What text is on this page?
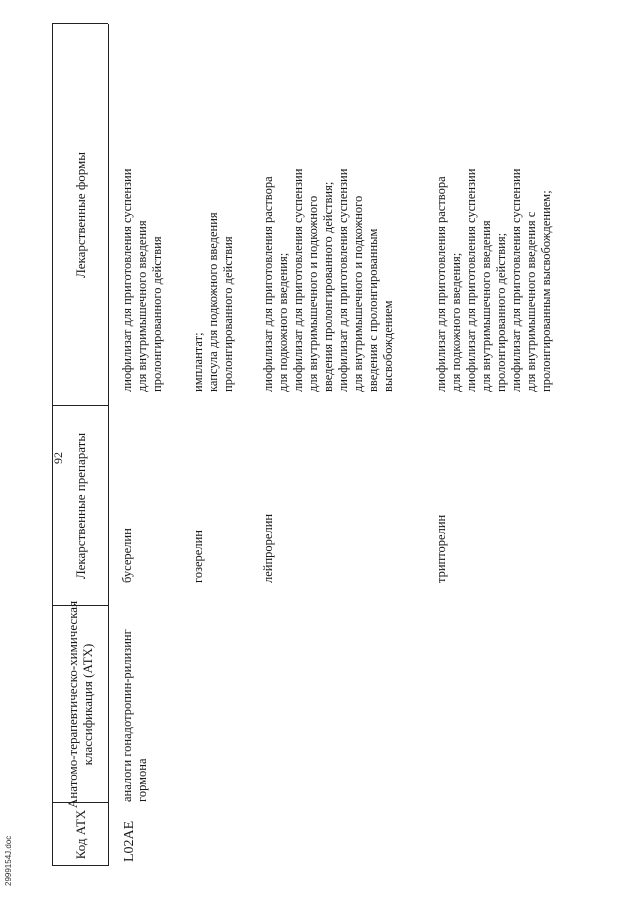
92
Код АТХ
Анатомо-терапевтическо-химическая
классификация (АТХ)
Лекарственные препараты
Лекарственные формы
L02AE
аналоги гонадотропин-рилизинг
гормона
бусерелин
лиофилизат для приготовления суспензии
для внутримышечного введения
пролонгированного действия
гозерелин
имплантат;
капсула для подкожного введения
пролонгированного действия
лейпрорелин
лиофилизат для приготовления раствора
для подкожного введения;
лиофилизат для приготовления суспензии
для внутримышечного и подкожного
введения пролонгированного действия;
лиофилизат для приготовления суспензии
для внутримышечного и подкожного
введения с пролонгированным
высвобождением
трипторелин
лиофилизат для приготовления раствора
для подкожного введения;
лиофилизат для приготовления суспензии
для внутримышечного введения
пролонгированного действия;
лиофилизат для приготовления суспензии
для внутримышечного введения с
пролонгированным высвобождением;
2999154J.doc
